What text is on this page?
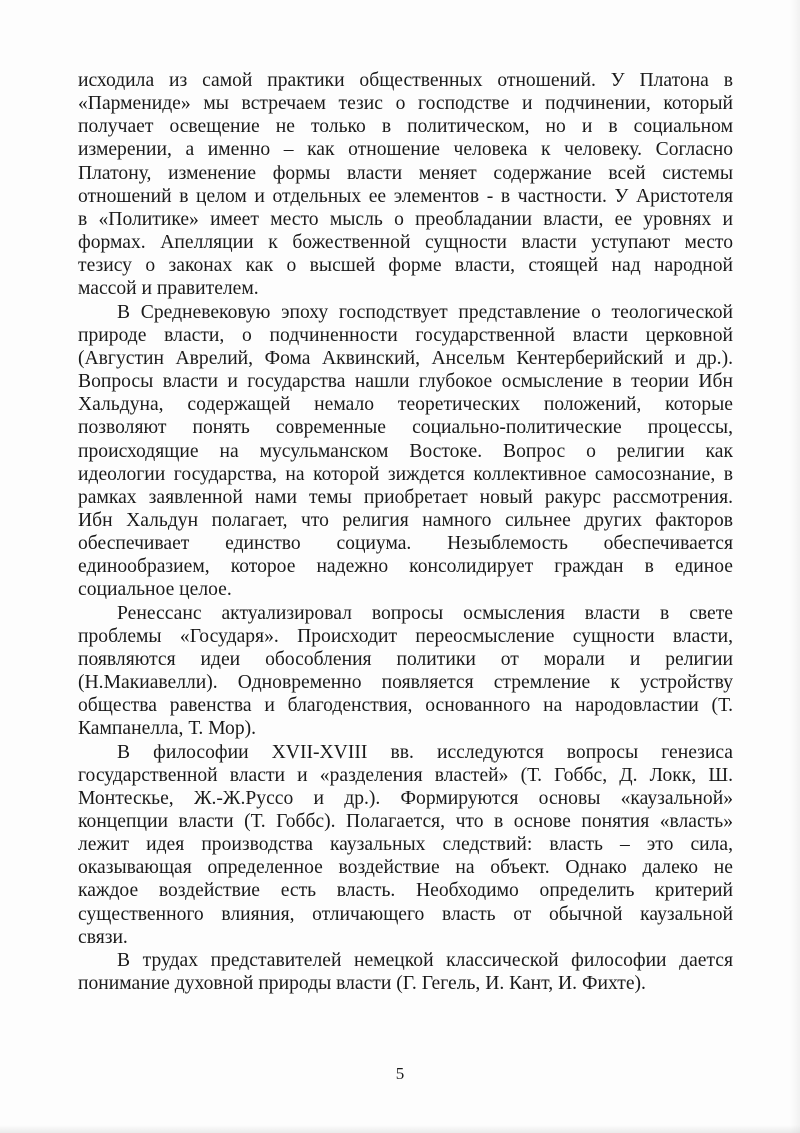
исходила из самой практики общественных отношений. У Платона в
«Пармениде» мы встречаем тезис о господстве и подчинении, который
получает освещение не только в политическом, но и в социальном
измерении, а именно – как отношение человека к человеку. Согласно
Платону, изменение формы власти меняет содержание всей системы
отношений в целом и отдельных ее элементов - в частности. У Аристотеля
в «Политике» имеет место мысль о преобладании власти, ее уровнях и
формах. Апелляции к божественной сущности власти уступают место
тезису о законах как о высшей форме власти, стоящей над народной
массой и правителем.

В Средневековую эпоху господствует представление о теологической
природе власти, о подчиненности государственной власти церковной
(Августин Аврелий, Фома Аквинский, Ансельм Кентерберийский и др.).
Вопросы власти и государства нашли глубокое осмысление в теории Ибн
Хальдуна, содержащей немало теоретических положений, которые
позволяют понять современные социально-политические процессы,
происходящие на мусульманском Востоке. Вопрос о религии как
идеологии государства, на которой зиждется коллективное самосознание, в
рамках заявленной нами темы приобретает новый ракурс рассмотрения.
Ибн Хальдун полагает, что религия намного сильнее других факторов
обеспечивает единство социума. Незыблемость обеспечивается
единообразием, которое надежно консолидирует граждан в единое
социальное целое.

Ренессанс актуализировал вопросы осмысления власти в свете
проблемы «Государя». Происходит переосмысление сущности власти,
появляются идеи обособления политики от морали и религии
(Н.Макиавелли). Одновременно появляется стремление к устройству
общества равенства и благоденствия, основанного на народовластии (Т.
Кампанелла, Т. Мор).

В философии XVII-XVIII вв. исследуются вопросы генезиса
государственной власти и «разделения властей» (Т. Гоббс, Д. Локк, Ш.
Монтескье, Ж.-Ж.Руссо и др.). Формируются основы «каузальной»
концепции власти (Т. Гоббс). Полагается, что в основе понятия «власть»
лежит идея производства каузальных следствий: власть – это сила,
оказывающая определенное воздействие на объект. Однако далеко не
каждое воздействие есть власть. Необходимо определить критерий
существенного влияния, отличающего власть от обычной каузальной
связи.

В трудах представителей немецкой классической философии дается
понимание духовной природы власти (Г. Гегель, И. Кант, И. Фихте).

5
